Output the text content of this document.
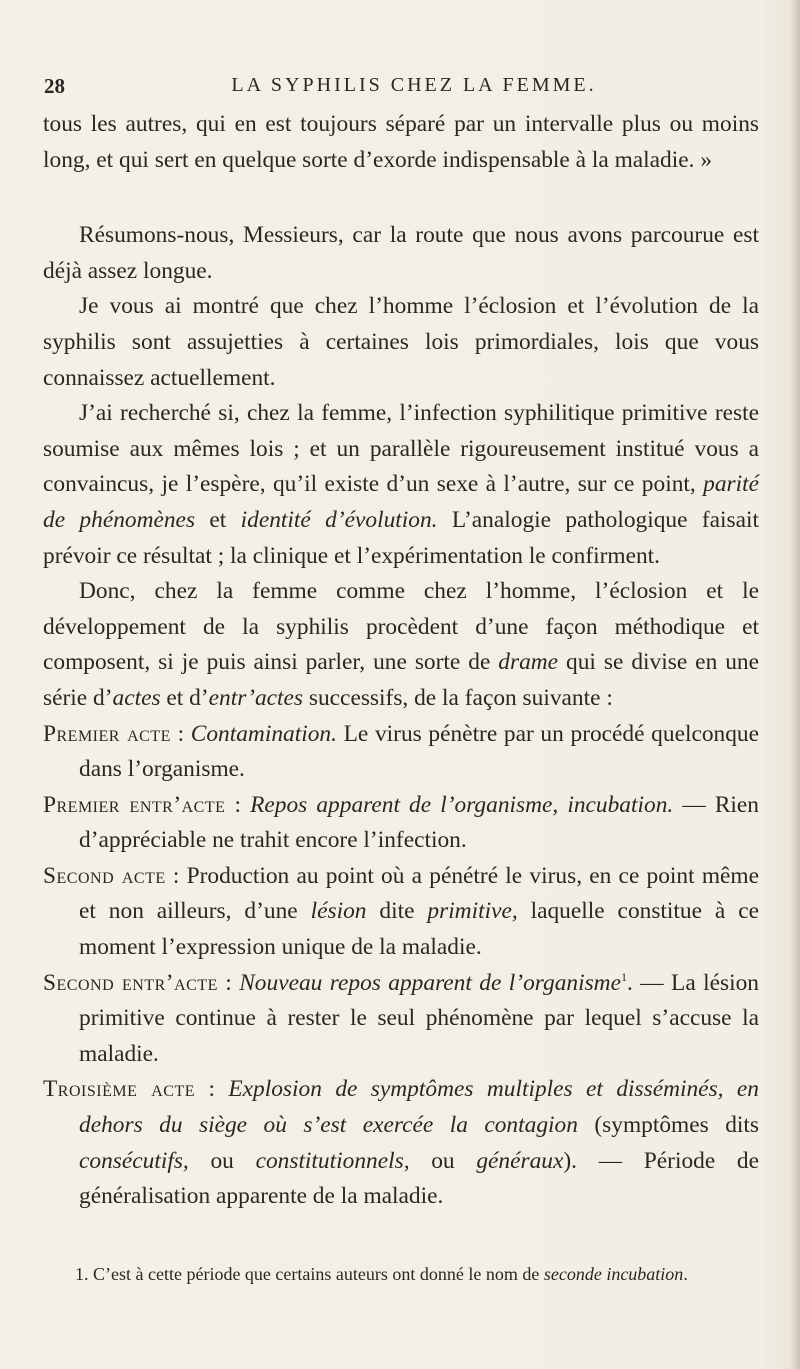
28	LA SYPHILIS CHEZ LA FEMME.

tous les autres, qui en est toujours séparé par un intervalle plus ou moins long, et qui sert en quelque sorte d’exorde indispensable à la maladie. »

Résumons-nous, Messieurs, car la route que nous avons parcourue est déjà assez longue.

Je vous ai montré que chez l’homme l’éclosion et l’évolution de la syphilis sont assujetties à certaines lois primordiales, lois que vous connaissez actuellement.

J’ai recherché si, chez la femme, l’infection syphilitique primitive reste soumise aux mêmes lois ; et un parallèle rigoureusement institué vous a convaincus, je l’espère, qu’il existe d’un sexe à l’autre, sur ce point, parité de phénomènes et identité d’évolution. L’analogie pathologique faisait prévoir ce résultat ; la clinique et l’expérimentation le confirment.

Donc, chez la femme comme chez l’homme, l’éclosion et le développement de la syphilis procèdent d’une façon méthodique et composent, si je puis ainsi parler, une sorte de drame qui se divise en une série d’actes et d’entr’actes successifs, de la façon suivante :

Premier acte : Contamination. Le virus pénètre par un procédé quelconque dans l’organisme.

Premier entr’acte : Repos apparent de l’organisme, incubation. — Rien d’appréciable ne trahit encore l’infection.

Second acte : Production au point où a pénétré le virus, en ce point même et non ailleurs, d’une lésion dite primitive, laquelle constitue à ce moment l’expression unique de la maladie.

Second entr’acte : Nouveau repos apparent de l’organisme$^1$. — La lésion primitive continue à rester le seul phénomène par lequel s’accuse la maladie.

Troisième acte : Explosion de symptômes multiples et disséminés, en dehors du siège où s’est exercée la contagion (symptômes dits consécutifs, ou constitutionnels, ou généraux). — Période de généralisation apparente de la maladie.

1. C’est à cette période que certains auteurs ont donné le nom de seconde incubation.
